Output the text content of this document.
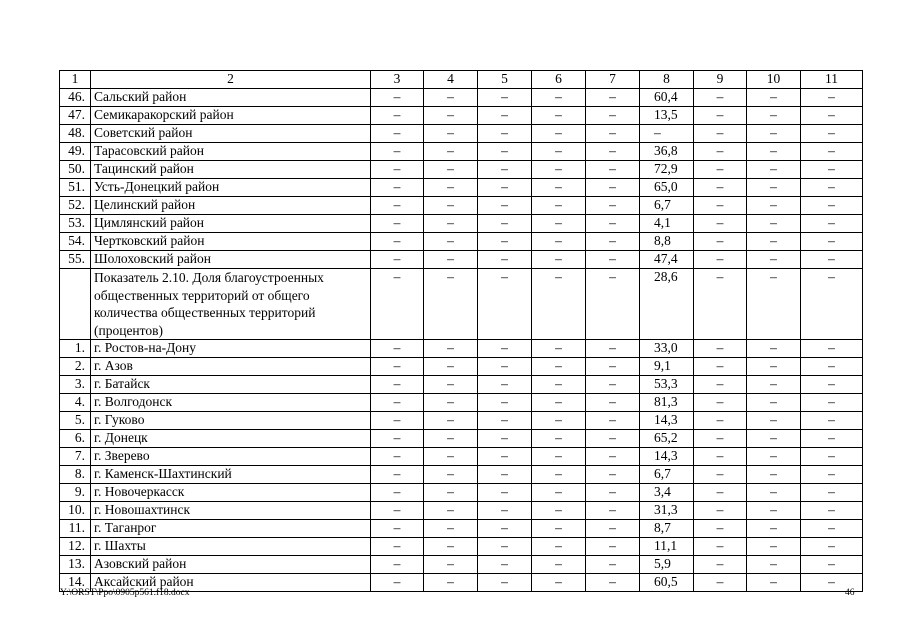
1	2	3	4	5	6	7	8	9	10	11
46.	Сальский район	–	–	–	–	–	60,4	–	–	–
47.	Семикаракорский район	–	–	–	–	–	13,5	–	–	–
48.	Советский район	–	–	–	–	–	–	–	–	–
49.	Тарасовский район	–	–	–	–	–	36,8	–	–	–
50.	Тацинский район	–	–	–	–	–	72,9	–	–	–
51.	Усть-Донецкий район	–	–	–	–	–	65,0	–	–	–
52.	Целинский район	–	–	–	–	–	6,7	–	–	–
53.	Цимлянский район	–	–	–	–	–	4,1	–	–	–
54.	Чертковский район	–	–	–	–	–	8,8	–	–	–
55.	Шолоховский район	–	–	–	–	–	47,4	–	–	–
	Показатель 2.10. Доля благоустроенных общественных территорий от общего количества общественных территорий (процентов)	–	–	–	–	–	28,6	–	–	–
1.	г. Ростов-на-Дону	–	–	–	–	–	33,0	–	–	–
2.	г. Азов	–	–	–	–	–	9,1	–	–	–
3.	г. Батайск	–	–	–	–	–	53,3	–	–	–
4.	г. Волгодонск	–	–	–	–	–	81,3	–	–	–
5.	г. Гуково	–	–	–	–	–	14,3	–	–	–
6.	г. Донецк	–	–	–	–	–	65,2	–	–	–
7.	г. Зверево	–	–	–	–	–	14,3	–	–	–
8.	г. Каменск-Шахтинский	–	–	–	–	–	6,7	–	–	–
9.	г. Новочеркасск	–	–	–	–	–	3,4	–	–	–
10.	г. Новошахтинск	–	–	–	–	–	31,3	–	–	–
11.	г. Таганрог	–	–	–	–	–	8,7	–	–	–
12.	г. Шахты	–	–	–	–	–	11,1	–	–	–
13.	Азовский район	–	–	–	–	–	5,9	–	–	–
14.	Аксайский район	–	–	–	–	–	60,5	–	–	–
Y:\ORST\Ppo\0905p561.f18.docx	46
